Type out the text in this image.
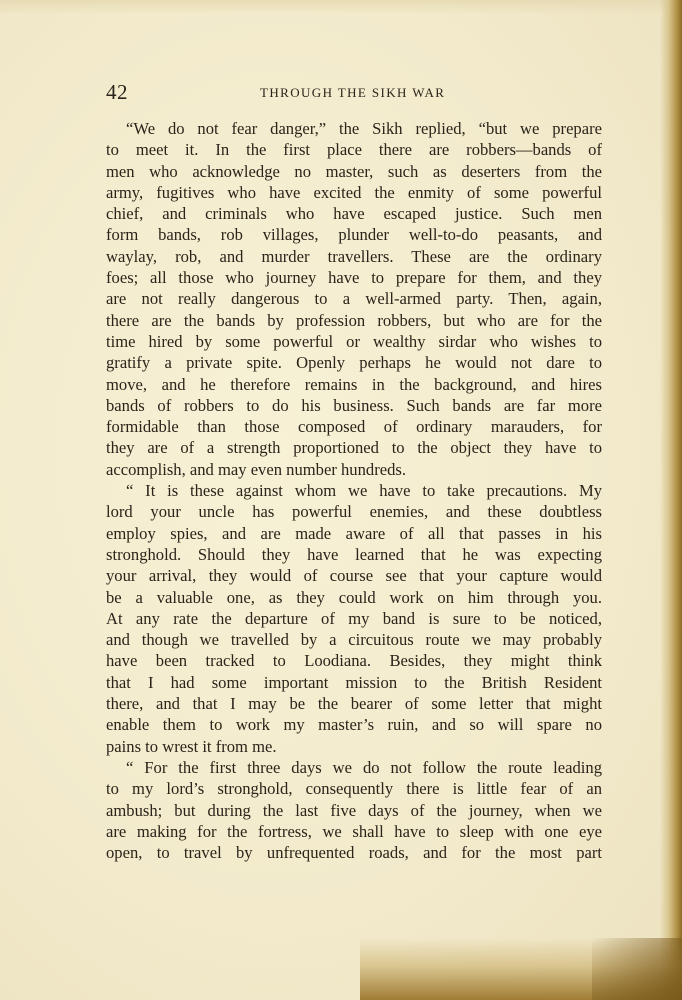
42	THROUGH THE SIKH WAR
“We do not fear danger,” the Sikh replied, “but we prepare
to meet it. In the first place there are robbers—bands of
men who acknowledge no master, such as deserters from the
army, fugitives who have excited the enmity of some powerful
chief, and criminals who have escaped justice. Such men
form bands, rob villages, plunder well-to-do peasants, and
waylay, rob, and murder travellers. These are the ordinary
foes; all those who journey have to prepare for them, and they
are not really dangerous to a well-armed party. Then, again,
there are the bands by profession robbers, but who are for the
time hired by some powerful or wealthy sirdar who wishes to
gratify a private spite. Openly perhaps he would not dare to
move, and he therefore remains in the background, and hires
bands of robbers to do his business. Such bands are far more
formidable than those composed of ordinary marauders, for
they are of a strength proportioned to the object they have to
accomplish, and may even number hundreds.
“ It is these against whom we have to take precautions. My
lord your uncle has powerful enemies, and these doubtless
employ spies, and are made aware of all that passes in his
stronghold. Should they have learned that he was expecting
your arrival, they would of course see that your capture would
be a valuable one, as they could work on him through you.
At any rate the departure of my band is sure to be noticed,
and though we travelled by a circuitous route we may probably
have been tracked to Loodiana. Besides, they might think
that I had some important mission to the British Resident
there, and that I may be the bearer of some letter that might
enable them to work my master’s ruin, and so will spare no
pains to wrest it from me.
“ For the first three days we do not follow the route leading
to my lord’s stronghold, consequently there is little fear of an
ambush; but during the last five days of the journey, when we
are making for the fortress, we shall have to sleep with one eye
open, to travel by unfrequented roads, and for the most part
